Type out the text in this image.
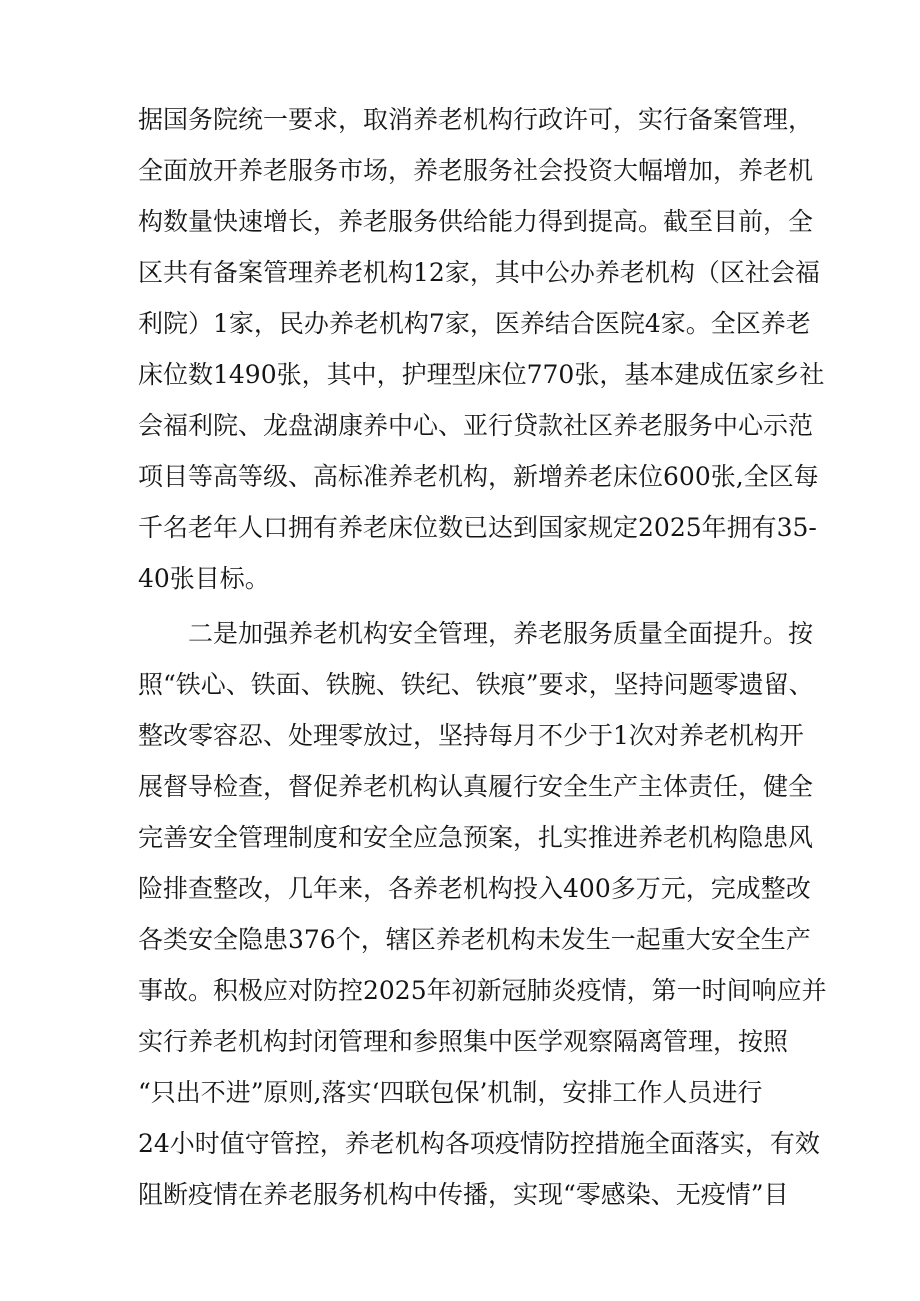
据国务院统一要求，取消养老机构行政许可，实行备案管理，
全面放开养老服务市场，养老服务社会投资大幅增加，养老机
构数量快速增长，养老服务供给能力得到提高。截至目前，全
区共有备案管理养老机构12家，其中公办养老机构（区社会福
利院）1家，民办养老机构7家，医养结合医院4家。全区养老
床位数1490张，其中，护理型床位770张，基本建成伍家乡社
会福利院、龙盘湖康养中心、亚行贷款社区养老服务中心示范
项目等高等级、高标准养老机构，新增养老床位600张,全区每
千名老年人口拥有养老床位数已达到国家规定2025年拥有35-
40张目标。
二是加强养老机构安全管理，养老服务质量全面提升。按
照“铁心、铁面、铁腕、铁纪、铁痕”要求，坚持问题零遗留、
整改零容忍、处理零放过，坚持每月不少于1次对养老机构开
展督导检查，督促养老机构认真履行安全生产主体责任，健全
完善安全管理制度和安全应急预案，扎实推进养老机构隐患风
险排查整改，几年来，各养老机构投入400多万元，完成整改
各类安全隐患376个，辖区养老机构未发生一起重大安全生产
事故。积极应对防控2025年初新冠肺炎疫情，第一时间响应并
实行养老机构封闭管理和参照集中医学观察隔离管理，按照
“只出不进”原则,落实‘四联包保’机制，安排工作人员进行
24小时值守管控，养老机构各项疫情防控措施全面落实，有效
阻断疫情在养老服务机构中传播，实现“零感染、无疫情”目
